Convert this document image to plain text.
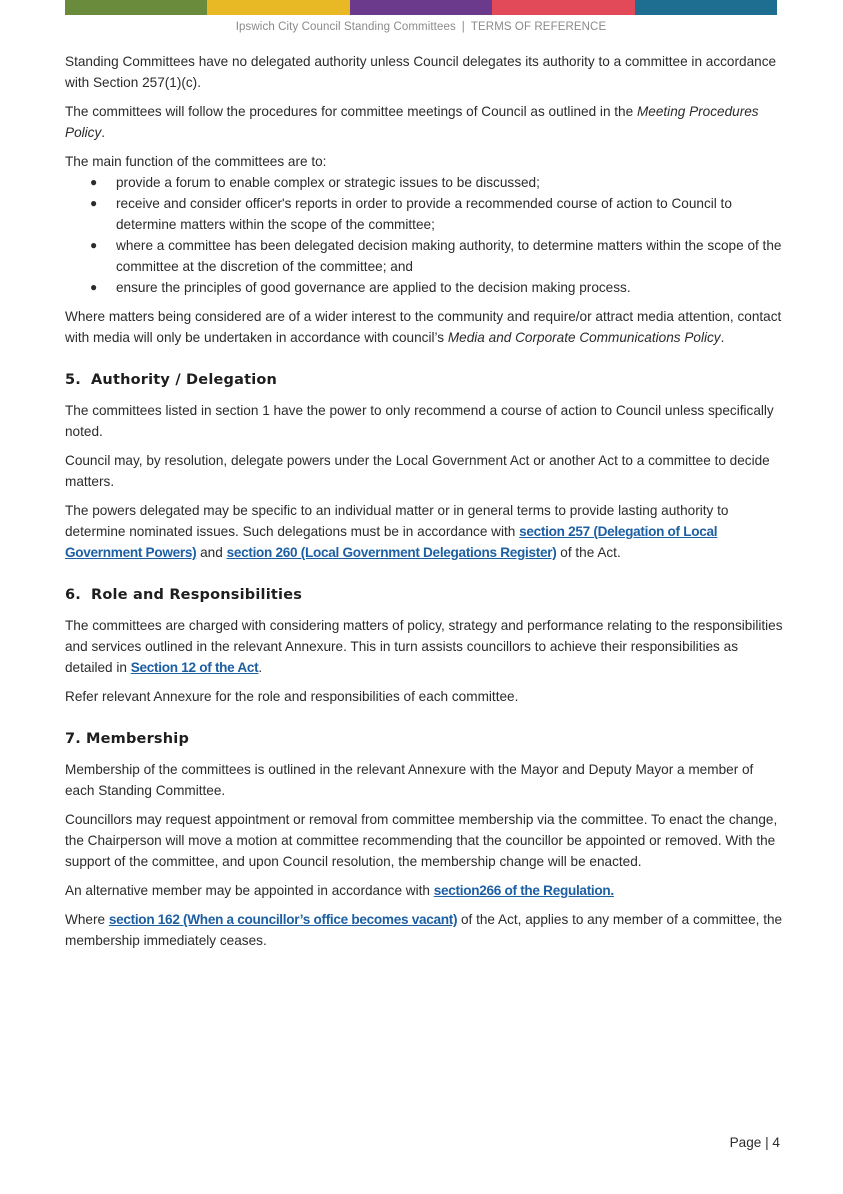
Ipswich City Council Standing Committees | TERMS OF REFERENCE

Standing Committees have no delegated authority unless Council delegates its authority to a committee in accordance with Section 257(1)(c).

The committees will follow the procedures for committee meetings of Council as outlined in the Meeting Procedures Policy.

The main function of the committees are to:

● provide a forum to enable complex or strategic issues to be discussed;
● receive and consider officer's reports in order to provide a recommended course of action to Council to determine matters within the scope of the committee;
● where a committee has been delegated decision making authority, to determine matters within the scope of the committee at the discretion of the committee; and
● ensure the principles of good governance are applied to the decision making process.

Where matters being considered are of a wider interest to the community and require/or attract media attention, contact with media will only be undertaken in accordance with council’s Media and Corporate Communications Policy.

5. Authority / Delegation

The committees listed in section 1 have the power to only recommend a course of action to Council unless specifically noted.

Council may, by resolution, delegate powers under the Local Government Act or another Act to a committee to decide matters.

The powers delegated may be specific to an individual matter or in general terms to provide lasting authority to determine nominated issues. Such delegations must be in accordance with section 257 (Delegation of Local Government Powers) and section 260 (Local Government Delegations Register) of the Act.

6. Role and Responsibilities

The committees are charged with considering matters of policy, strategy and performance relating to the responsibilities and services outlined in the relevant Annexure. This in turn assists councillors to achieve their responsibilities as detailed in Section 12 of the Act.

Refer relevant Annexure for the role and responsibilities of each committee.

7. Membership

Membership of the committees is outlined in the relevant Annexure with the Mayor and Deputy Mayor a member of each Standing Committee.

Councillors may request appointment or removal from committee membership via the committee. To enact the change, the Chairperson will move a motion at committee recommending that the councillor be appointed or removed. With the support of the committee, and upon Council resolution, the membership change will be enacted.

An alternative member may be appointed in accordance with section266 of the Regulation.

Where section 162 (When a councillor’s office becomes vacant) of the Act, applies to any member of a committee, the membership immediately ceases.

Page | 4
